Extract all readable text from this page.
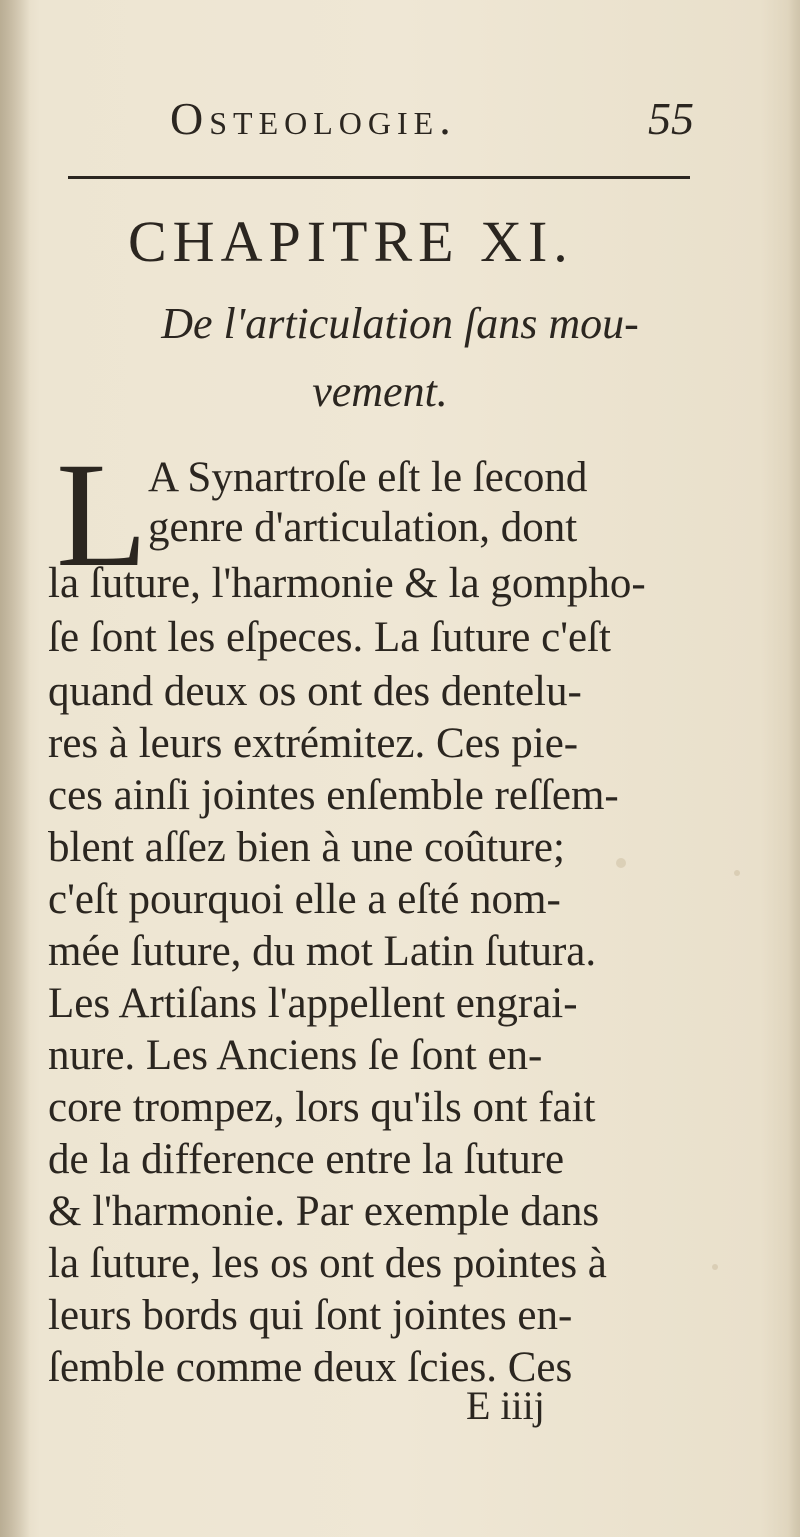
Osteologie.	55
CHAPITRE XI.
De l'articulation ſans mou-
vement.
L A Synartroſe eſt le ſecond
genre d'articulation, dont
la ſuture, l'harmonie & la gompho-
ſe ſont les eſpeces. La ſuture c'eſt
quand deux os ont des dentelu-
res à leurs extrémitez. Ces pie-
ces ainſi jointes enſemble reſſem-
blent aſſez bien à une coûture;
c'eſt pourquoi elle a eſté nom-
mée ſuture, du mot Latin ſutura.
Les Artiſans l'appellent engrai-
nure. Les Anciens ſe ſont en-
core trompez, lors qu'ils ont fait
de la difference entre la ſuture
& l'harmonie. Par exemple dans
la ſuture, les os ont des pointes à
leurs bords qui ſont jointes en-
ſemble comme deux ſcies. Ces
E iiij
